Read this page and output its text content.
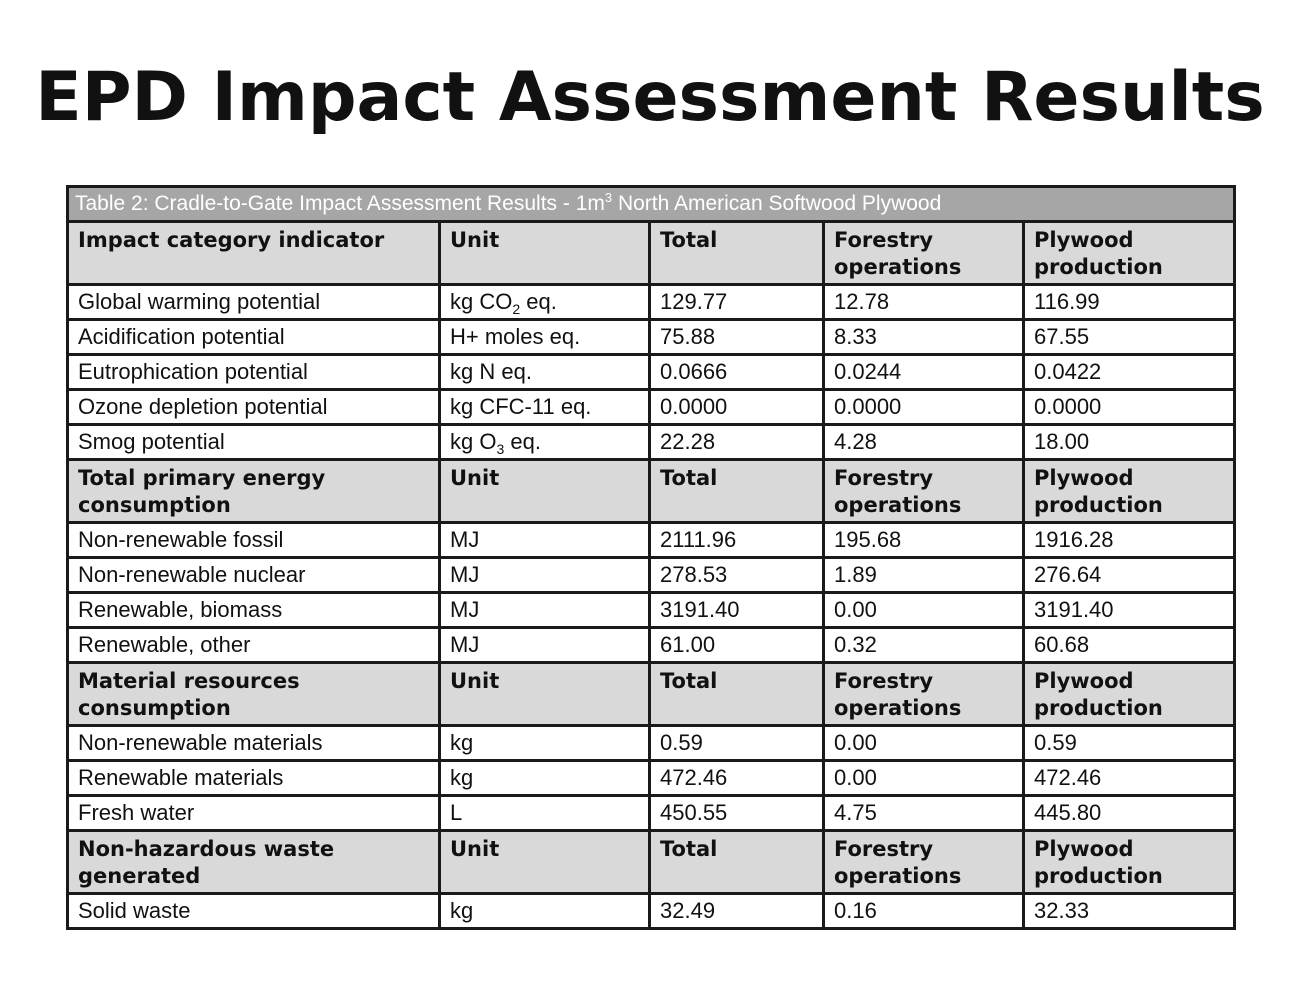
EPD Impact Assessment Results
Table 2: Cradle-to-Gate Impact Assessment Results - $1m^3$ North American Softwood Plywood				
Impact category indicator	Unit	Total	Forestry operations	Plywood production
Global warming potential	kg $CO_2$ eq.	129.77	12.78	116.99
Acidification potential	H+ moles eq.	75.88	8.33	67.55
Eutrophication potential	kg N eq.	0.0666	0.0244	0.0422
Ozone depletion potential	kg CFC-11 eq.	0.0000	0.0000	0.0000
Smog potential	kg $O_3$ eq.	22.28	4.28	18.00
Total primary energy consumption	Unit	Total	Forestry operations	Plywood production
Non-renewable fossil	MJ	2111.96	195.68	1916.28
Non-renewable nuclear	MJ	278.53	1.89	276.64
Renewable, biomass	MJ	3191.40	0.00	3191.40
Renewable, other	MJ	61.00	0.32	60.68
Material resources consumption	Unit	Total	Forestry operations	Plywood production
Non-renewable materials	kg	0.59	0.00	0.59
Renewable materials	kg	472.46	0.00	472.46
Fresh water	L	450.55	4.75	445.80
Non-hazardous waste generated	Unit	Total	Forestry operations	Plywood production
Solid waste	kg	32.49	0.16	32.33
